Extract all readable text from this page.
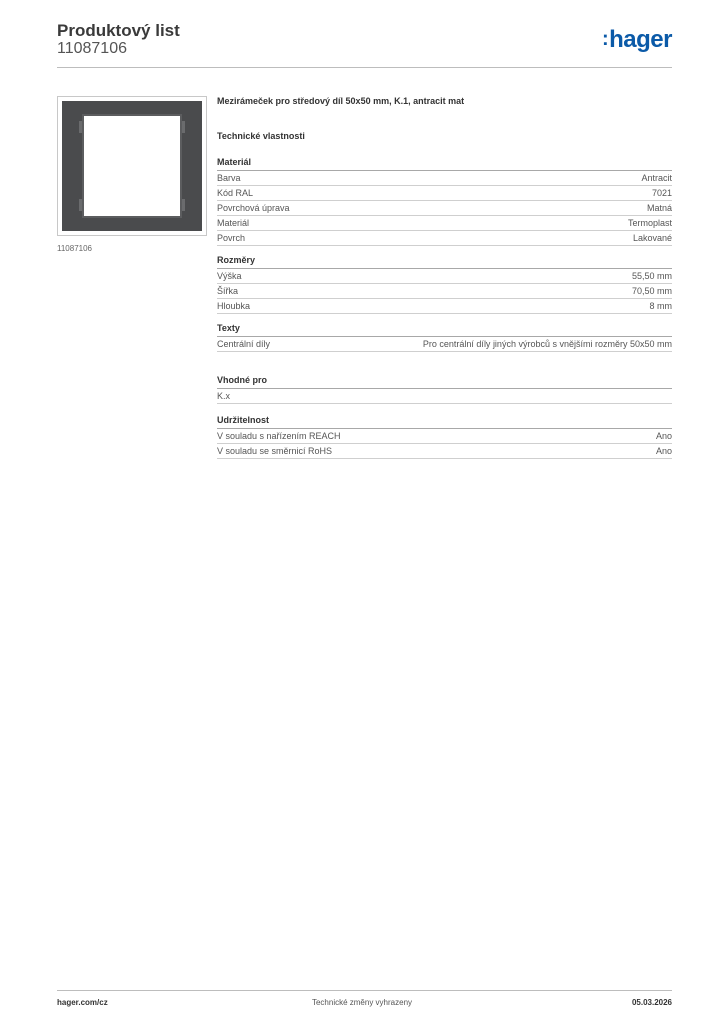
Produktový list
11087106	:hager
11087106
Mezirámeček pro středový díl 50x50 mm, K.1, antracit mat
Technické vlastnosti
Materiál
Barva	Antracit
Kód RAL	7021
Povrchová úprava	Matná
Materiál	Termoplast
Povrch	Lakované
Rozměry
Výška	55,50 mm
Šířka	70,50 mm
Hloubka	8 mm
Texty
Centrální díly	Pro centrální díly jiných výrobců s vnějšími rozměry 50x50 mm
Vhodné pro
K.x
Udržitelnost
V souladu s nařízením REACH	Ano
V souladu se směrnicí RoHS	Ano
hager.com/cz	Technické změny vyhrazeny	05.03.2026
